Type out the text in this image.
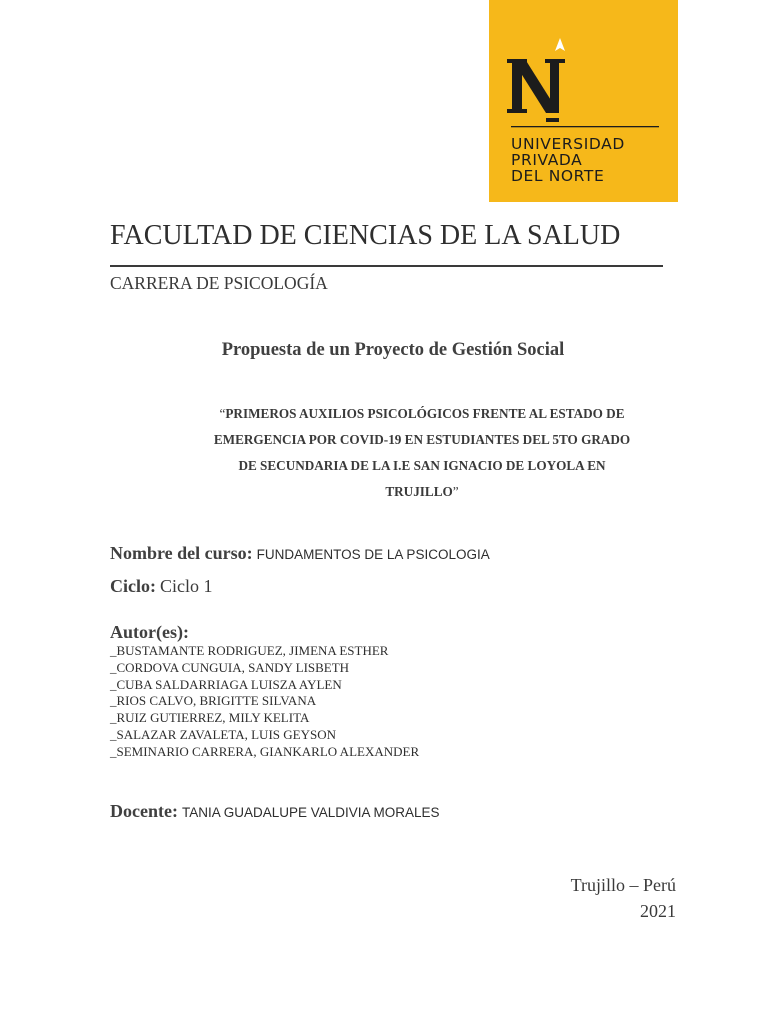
UNIVERSIDAD
PRIVADA
DEL NORTE
FACULTAD DE CIENCIAS DE LA SALUD
CARRERA DE PSICOLOGÍA
Propuesta de un Proyecto de Gestión Social
“PRIMEROS AUXILIOS PSICOLÓGICOS FRENTE AL ESTADO DE
EMERGENCIA POR COVID-19 EN ESTUDIANTES DEL 5TO GRADO
DE SECUNDARIA DE LA I.E SAN IGNACIO DE LOYOLA EN
TRUJILLO”
Nombre del curso: FUNDAMENTOS DE LA PSICOLOGIA
Ciclo: Ciclo 1
Autor(es):
_BUSTAMANTE RODRIGUEZ, JIMENA ESTHER
_CORDOVA CUNGUIA, SANDY LISBETH
_CUBA SALDARRIAGA LUISZA AYLEN
_RIOS CALVO, BRIGITTE SILVANA
_RUIZ GUTIERREZ, MILY KELITA
_SALAZAR ZAVALETA, LUIS GEYSON
_SEMINARIO CARRERA, GIANKARLO ALEXANDER
Docente: TANIA GUADALUPE VALDIVIA MORALES
Trujillo – Perú
2021
